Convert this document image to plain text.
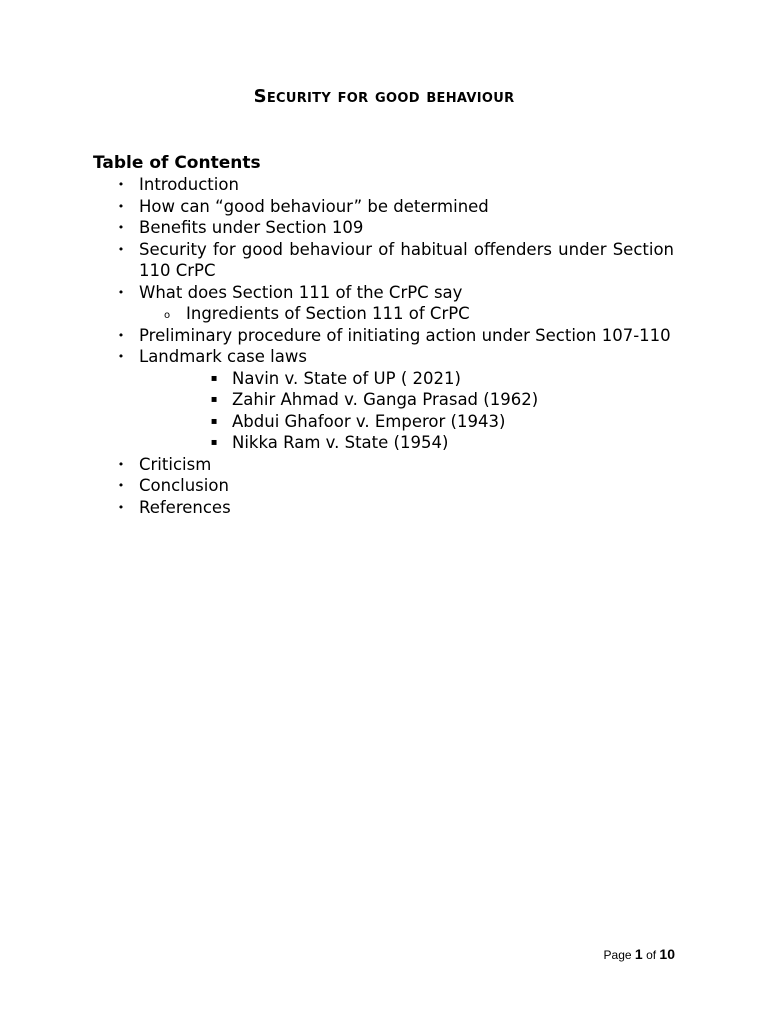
Security for good behaviour
Table of Contents
• Introduction
• How can “good behaviour” be determined
• Benefits under Section 109
• Security for good behaviour of habitual offenders under Section 110 CrPC
• What does Section 111 of the CrPC say
o Ingredients of Section 111 of CrPC
• Preliminary procedure of initiating action under Section 107-110
• Landmark case laws
▪ Navin v. State of UP ( 2021)
▪ Zahir Ahmad v. Ganga Prasad (1962)
▪ Abdui Ghafoor v. Emperor (1943)
▪ Nikka Ram v. State (1954)
• Criticism
• Conclusion
• References
Page 1 of 10
